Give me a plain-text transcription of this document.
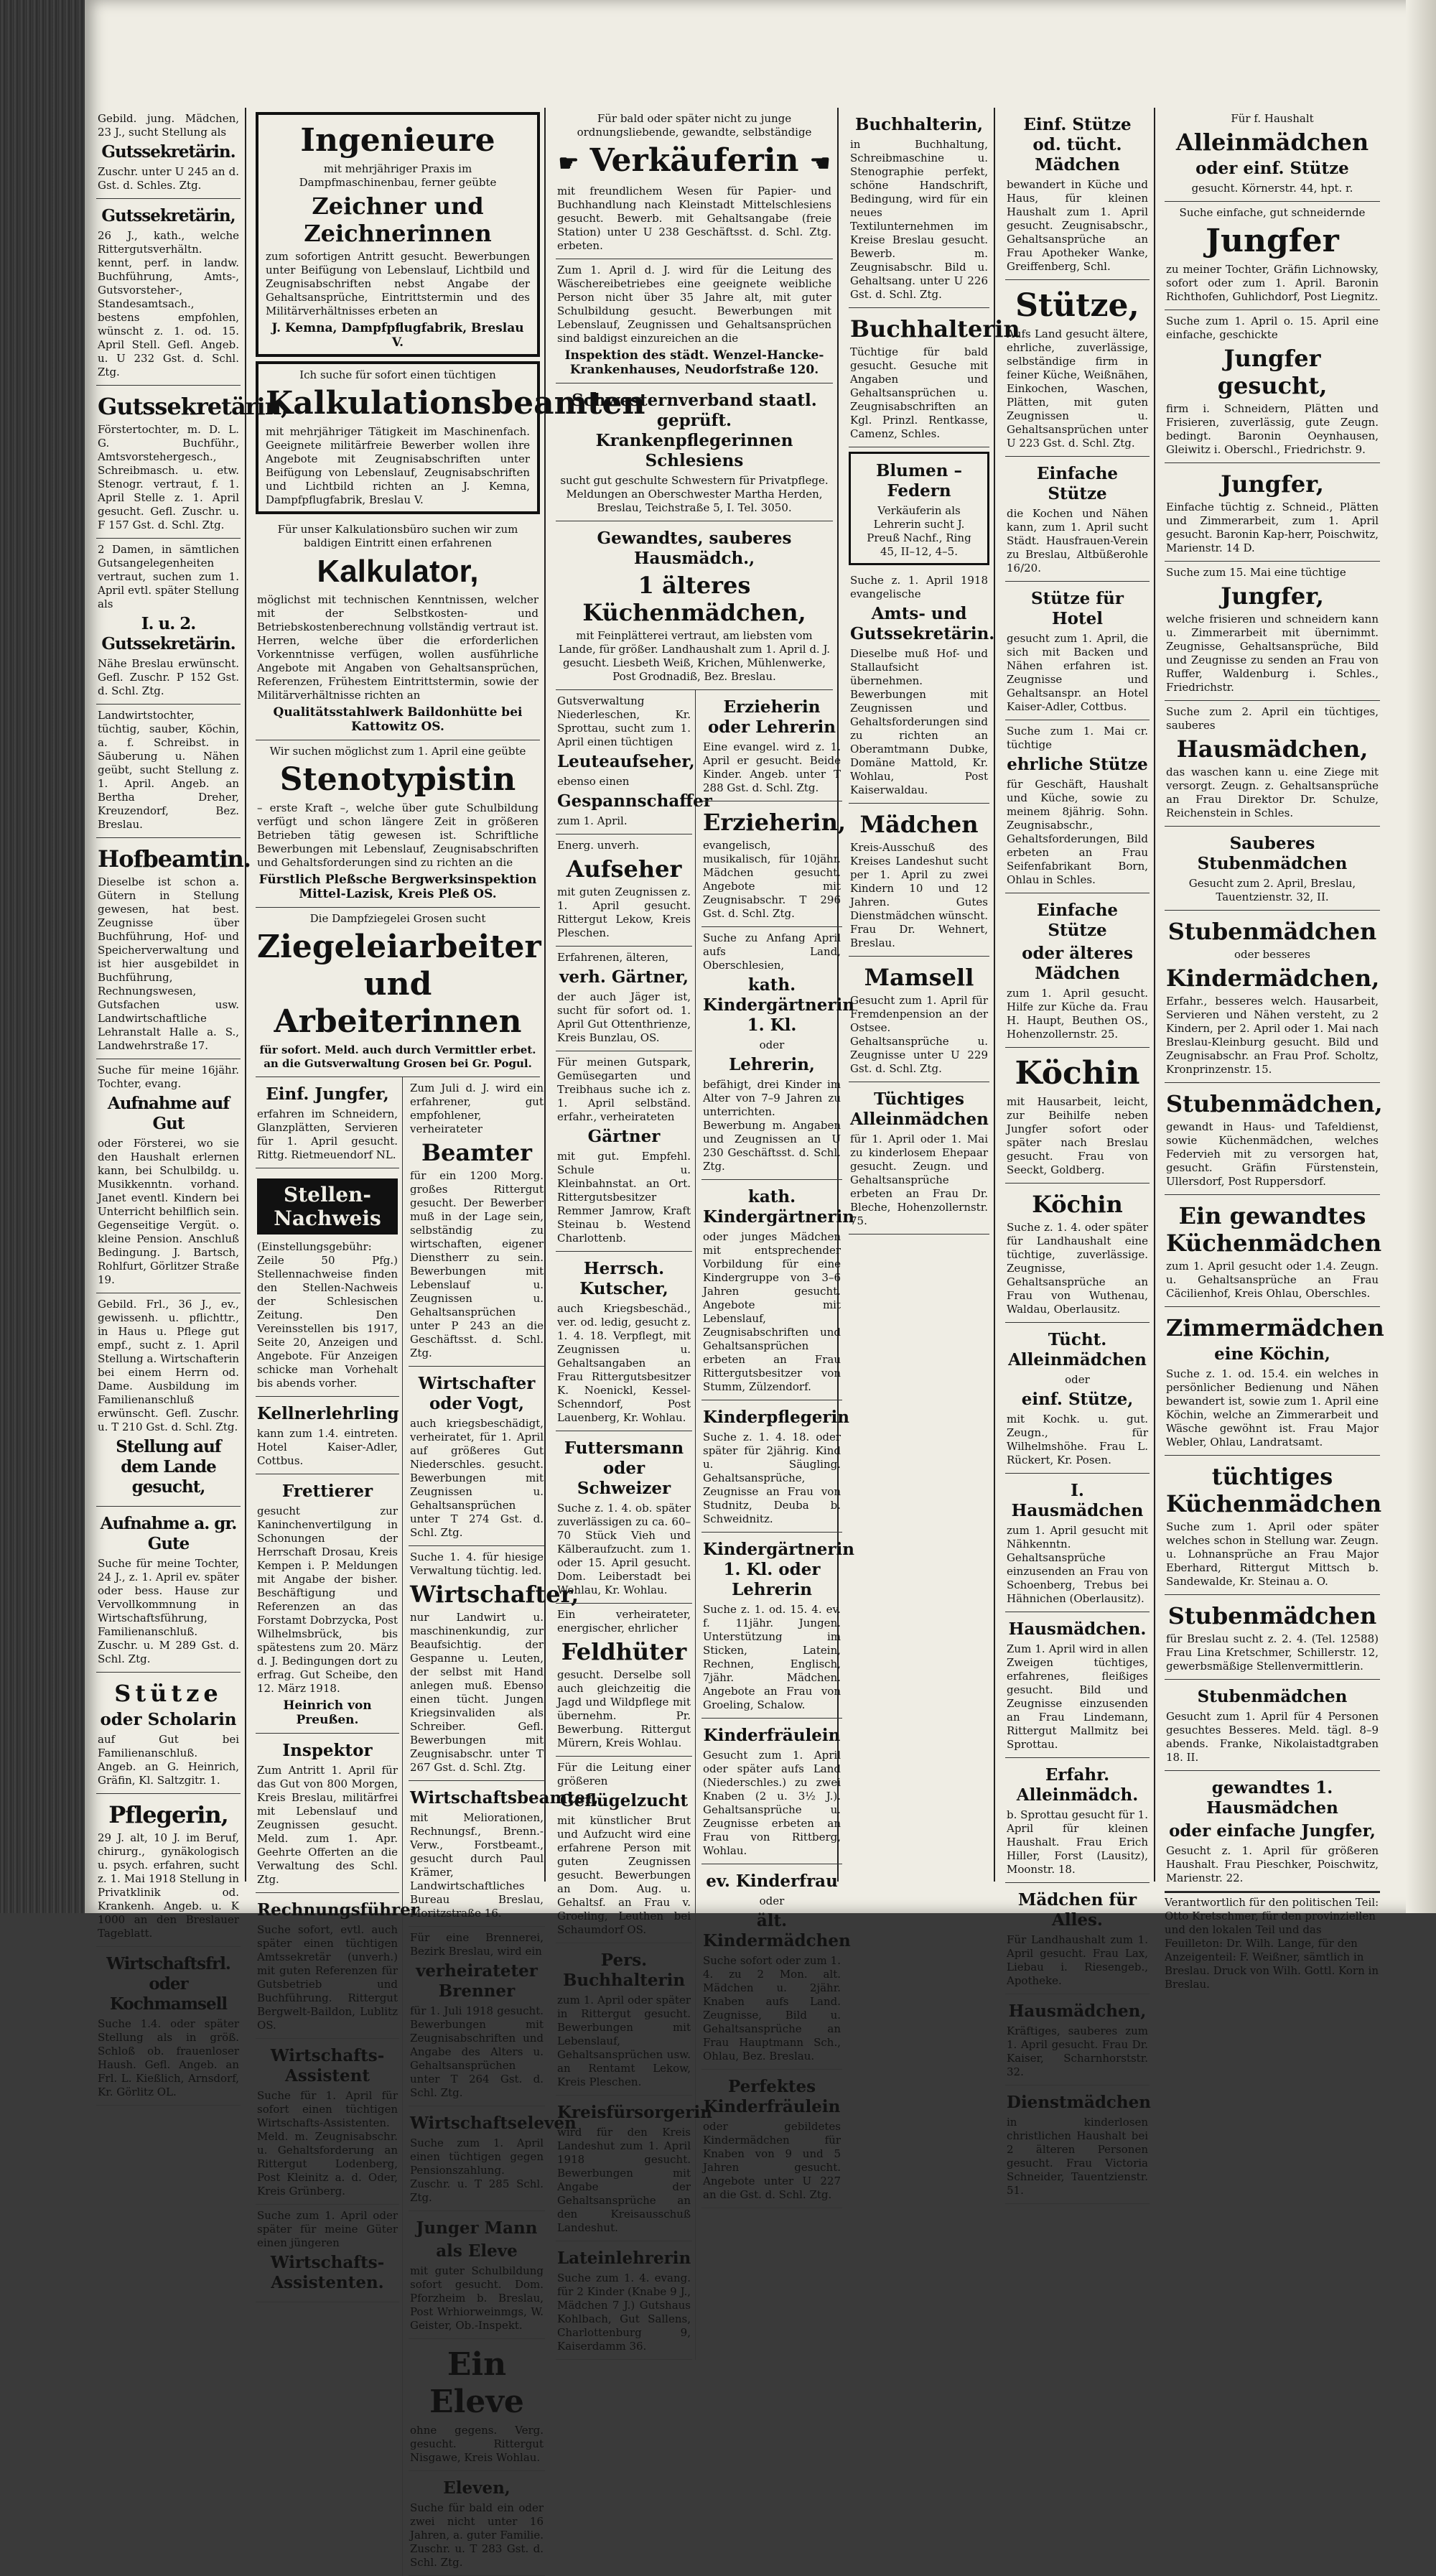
Gebild. jung. Mädchen, 23 J., sucht Stellung als
Gutssekretärin.
Zuschr. unter U 245 an d. Gst. d. Schles. Ztg.
Gutssekretärin,
26 J., kath., welche Rittergutsverhältn. kennt, perf. in landw. Buchführung, Amts-, Gutsvorsteher-, Standesamtsach., bestens empfohlen, wünscht z. 1. od. 15. April Stell. Gefl. Angeb. u. U 232 Gst. d. Schl. Ztg.
Gutssekretärin,
Förstertochter, m. D. L. G. Buchführ., Amtsvorstehergesch., Schreibmasch. u. etw. Stenogr. vertraut, f. 1. April Stelle z. 1. April gesucht. Gefl. Zuschr. u. F 157 Gst. d. Schl. Ztg.
2 Damen, in sämtlichen Gutsangelegenheiten vertraut, suchen zum 1. April evtl. später Stellung als
I. u. 2. Gutssekretärin.
Nähe Breslau erwünscht. Gefl. Zuschr. P 152 Gst. d. Schl. Ztg.
Landwirtstochter, tüchtig, sauber, Köchin, a. f. Schreibst. in Säuberung u. Nähen geübt, sucht Stellung z. 1. April. Angeb. an Bertha Dreher, Kreuzendorf, Bez. Breslau.
Hofbeamtin.
Dieselbe ist schon a. Gütern in Stellung gewesen, hat best. Zeugnisse über Buchführung, Hof- und Speicherverwaltung und ist hier ausgebildet in Buchführung, Rechnungswesen, Gutsfachen usw. Landwirtschaftliche Lehranstalt Halle a. S., Landwehrstraße 17.
Suche für meine 16jähr. Tochter, evang.
Aufnahme auf Gut
oder Försterei, wo sie den Haushalt erlernen kann, bei Schulbildg. u. Musikkenntn. vorhand. Janet eventl. Kindern bei Unterricht behilflich sein. Gegenseitige Vergüt. o. kleine Pension. Anschluß Bedingung. J. Bartsch, Rohlfurt, Görlitzer Straße 19.
Gebild. Frl., 36 J., ev., gewissenh. u. pflichttr., in Haus u. Pflege gut empf., sucht z. 1. April Stellung a. Wirtschafterin bei einem Herrn od. Dame. Ausbildung im Familienanschluß erwünscht. Gefl. Zuschr. u. T 210 Gst. d. Schl. Ztg.
Stellung auf dem Lande gesucht,
Aufnahme a. gr. Gute
Suche für meine Tochter, 24 J., z. 1. April ev. später oder bess. Hause zur Vervollkommnung in Wirtschaftsführung, Familienanschluß. Zuschr. u. M 289 Gst. d. Schl. Ztg.
Stütze
oder Scholarin
auf Gut bei Familienanschluß. Angeb. an G. Heinrich, Gräfin, Kl. Saltzgitr. 1.
Pflegerin,
29 J. alt, 10 J. im Beruf, chirurg., gynäkologisch u. psych. erfahren, sucht z. 1. Mai 1918 Stellung in Privatklinik od. Krankenh. Angeb. u. K 1000 an den Breslauer Tageblatt.
Wirtschaftsfrl. oder Kochmamsell
Suche 1.4. oder später Stellung als in größ. Schloß ob. frauenloser Haush. Gefl. Angeb. an Frl. L. Kießlich, Arnsdorf, Kr. Görlitz OL.
Ingenieure
mit mehrjähriger Praxis im Dampfmaschinenbau, ferner geübte
Zeichner und Zeichnerinnen
zum sofortigen Antritt gesucht. Bewerbungen unter Beifügung von Lebenslauf, Lichtbild und Zeugnisabschriften nebst Angabe der Gehaltsansprüche, Eintrittstermin und des Militärverhältnisses erbeten an
J. Kemna, Dampfpflugfabrik, Breslau V.
Ich suche für sofort einen tüchtigen
Kalkulationsbeamten
mit mehrjähriger Tätigkeit im Maschinenfach. Geeignete militärfreie Bewerber wollen ihre Angebote mit Zeugnisabschriften unter Beifügung von Lebenslauf, Zeugnisabschriften und Lichtbild richten an J. Kemna, Dampfpflugfabrik, Breslau V.
Für unser Kalkulationsbüro suchen wir zum baldigen Eintritt einen erfahrenen
Kalkulator,
möglichst mit technischen Kenntnissen, welcher mit der Selbstkosten- und Betriebskostenberechnung vollständig vertraut ist. Herren, welche über die erforderlichen Vorkenntnisse verfügen, wollen ausführliche Angebote mit Angaben von Gehaltsansprüchen, Referenzen, Frühestem Eintrittstermin, sowie der Militärverhältnisse richten an
Qualitätsstahlwerk Baildonhütte bei Kattowitz OS.
Wir suchen möglichst zum 1. April eine geübte
Stenotypistin
– erste Kraft –, welche über gute Schulbildung verfügt und schon längere Zeit in größeren Betrieben tätig gewesen ist. Schriftliche Bewerbungen mit Lebenslauf, Zeugnisabschriften und Gehaltsforderungen sind zu richten an die
Fürstlich Pleßsche Bergwerksinspektion Mittel-Lazisk, Kreis Pleß OS.
Die Dampfziegelei Grosen sucht
Ziegeleiarbeiter und Arbeiterinnen
für sofort. Meld. auch durch Vermittler erbet. an die Gutsverwaltung Grosen bei Gr. Pogul.
Einf. Jungfer,
erfahren im Schneidern, Glanzplätten, Servieren für 1. April gesucht. Rittg. Rietmeuendorf NL.
Stellen-Nachweis
(Einstellungsgebühr: Zeile 50 Pfg.) Stellennachweise finden den Stellen-Nachweis der Schlesischen Zeitung. Den Vereinsstellen bis 1917, Seite 20, Anzeigen und Angebote. Für Anzeigen schicke man Vorhehalt bis abends vorher.
Kellnerlehrling
kann zum 1.4. eintreten. Hotel Kaiser-Adler, Cottbus.
Frettierer
gesucht zur Kaninchenvertilgung in Schonungen der Herrschaft Drosau, Kreis Kempen i. P. Meldungen mit Angabe der bisher. Beschäftigung und Referenzen an das Forstamt Dobrzycka, Post Wilhelmsbrück, bis spätestens zum 20. März d. J. Bedingungen dort zu erfrag. Gut Scheibe, den 12. März 1918.
Heinrich von Preußen.
Inspektor
Zum Antritt 1. April für das Gut von 800 Morgen, Kreis Breslau, militärfrei mit Lebenslauf und Zeugnissen gesucht. Meld. zum 1. Apr. Geehrte Offerten an die Verwaltung des Schl. Ztg.
Rechnungsführer
Suche sofort, evtl. auch später einen tüchtigen Amtssekretär (unverh.) mit guten Referenzen für Gutsbetrieb und Buchführung. Rittergut Bergwelt-Baildon, Lublitz OS.
Wirtschafts-Assistent
Suche für 1. April für sofort einen tüchtigen Wirtschafts-Assistenten. Meld. m. Zeugnisabschr. u. Gehaltsforderung an Rittergut Lodenberg, Post Kleinitz a. d. Oder, Kreis Grünberg.
Suche zum 1. April oder später für meine Güter einen jüngeren
Wirtschafts-Assistenten.
Zum Juli d. J. wird ein erfahrener, gut empfohlener, verheirateter
Beamter
für ein 1200 Morg. großes Rittergut gesucht. Der Bewerber muß in der Lage sein, selbständig zu wirtschaften, eigener Dienstherr zu sein. Bewerbungen mit Lebenslauf u. Zeugnissen u. Gehaltsansprüchen unter P 243 an die Geschäftsst. d. Schl. Ztg.
Wirtschafter oder Vogt,
auch kriegsbeschädigt, verheiratet, für 1. April auf größeres Gut Niederschles. gesucht. Bewerbungen mit Zeugnissen u. Gehaltsansprüchen unter T 274 Gst. d. Schl. Ztg.
Suche 1. 4. für hiesige Verwaltung tüchtig. led.
Wirtschafter,
nur Landwirt u. maschinenkundig, zur Beaufsichtig. der Gespanne u. Leuten, der selbst mit Hand anlegen muß. Ebenso einen tücht. Jungen Kriegsinvaliden als Schreiber. Gefl. Bewerbungen mit Zeugnisabschr. unter T 267 Gst. d. Schl. Ztg.
Wirtschaftsbeamter,
mit Meliorationen, Rechnungsf., Brenn.-Verw., Forstbeamt., gesucht durch Paul Krämer, Landwirtschaftliches Bureau Breslau, Moritzstraße 16.
Für eine Brennerei, Bezirk Breslau, wird ein
verheirateter Brenner
für 1. Juli 1918 gesucht. Bewerbungen mit Zeugnisabschriften und Angabe des Alters u. Gehaltsansprüchen unter T 264 Gst. d. Schl. Ztg.
Wirtschaftseleven
Suche zum 1. April einen tüchtigen gegen Pensionszahlung. Zuschr. u. T 285 Schl. Ztg.
Junger Mann
als Eleve
mit guter Schulbildung sofort gesucht. Dom. Pforzheim b. Breslau, Post Wrhiorweinmgs, W. Geister, Ob.-Inspekt.
Ein Eleve
ohne gegens. Verg. gesucht. Rittergut Nisgawe, Kreis Wohlau.
Eleven,
Suche für bald ein oder zwei nicht unter 16 Jahren, a. guter Familie. Zuschr. u. T 283 Gst. d. Schl. Ztg.
Für bald oder später nicht zu junge ordnungsliebende, gewandte, selbständige
☛ Verkäuferin ☚
mit freundlichem Wesen für Papier- und Buchhandlung nach Kleinstadt Mittelschlesiens gesucht. Bewerb. mit Gehaltsangabe (freie Station) unter U 238 Geschäftsst. d. Schl. Ztg. erbeten.
Zum 1. April d. J. wird für die Leitung des Wäschereibetriebes eine geeignete weibliche Person nicht über 35 Jahre alt, mit guter Schulbildung gesucht. Bewerbungen mit Lebenslauf, Zeugnissen und Gehaltsansprüchen sind baldigst einzureichen an die
Inspektion des städt. Wenzel-Hancke-Krankenhauses, Neudorfstraße 120.
Schwesternverband staatl. geprüft. Krankenpflegerinnen Schlesiens
sucht gut geschulte Schwestern für Privatpflege. Meldungen an Oberschwester Martha Herden, Breslau, Teichstraße 5, I. Tel. 3050.
Gewandtes, sauberes Hausmädch.,
1 älteres Küchenmädchen,
mit Feinplätterei vertraut, am liebsten vom Lande, für größer. Landhaushalt zum 1. April d. J. gesucht. Liesbeth Weiß, Krichen, Mühlenwerke, Post Grodnadiß, Bez. Breslau.
Gutsverwaltung Niederleschen, Kr. Sprottau, sucht zum 1. April einen tüchtigen
Leuteaufseher,
ebenso einen
Gespannschaffer
zum 1. April.
Energ. unverh.
Aufseher
mit guten Zeugnissen z. 1. April gesucht. Rittergut Lekow, Kreis Pleschen.
Erfahrenen, älteren,
verh. Gärtner,
der auch Jäger ist, sucht für sofort od. 1. April Gut Ottenthrienze, Kreis Bunzlau, OS.
Für meinen Gutspark, Gemüsegarten und Treibhaus suche ich z. 1. April selbständ. erfahr., verheirateten
Gärtner
mit gut. Empfehl. Schule u. Kleinbahnstat. an Ort. Rittergutsbesitzer Remmer Jamrow, Kraft Steinau b. Westend Charlottenb.
Herrsch. Kutscher,
auch Kriegsbeschäd., ver. od. ledig, gesucht z. 1. 4. 18. Verpflegt, mit Zeugnissen u. Gehaltsangaben an Frau Rittergutsbesitzer K. Noenickl, Kessel-Schenndorf, Post Lauenberg, Kr. Wohlau.
Futtersmann oder Schweizer
Suche z. 1. 4. ob. später zuverlässigen zu ca. 60–70 Stück Vieh und Kälberaufzucht. zum 1. oder 15. April gesucht. Dom. Leiberstadt bei Wohlau, Kr. Wohlau.
Ein verheirateter, energischer, ehrlicher
Feldhüter
gesucht. Derselbe soll auch gleichzeitig die Jagd und Wildpflege mit übernehm. Pr. Bewerbung. Rittergut Mürern, Kreis Wohlau.
Für die Leitung einer größeren
Geflügelzucht
mit künstlicher Brut und Aufzucht wird eine erfahrene Person mit guten Zeugnissen gesucht. Bewerbungen an Dom. Aug. u. Gehaltsf. an Frau v. Groeling, Leuthen bei Schaumdorf OS.
Pers. Buchhalterin
zum 1. April oder später in Rittergut gesucht. Bewerbungen mit Lebenslauf, Gehaltsansprüchen usw. an Rentamt Lekow, Kreis Pleschen.
Kreisfürsorgerin
wird für den Kreis Landeshut zum 1. April 1918 gesucht. Bewerbungen mit Angabe der Gehaltsansprüche an den Kreisausschuß Landeshut.
Lateinlehrerin
Suche zum 1. 4. evang. für 2 Kinder (Knabe 9 J., Mädchen 7 J.) Gutshaus Kohlbach, Gut Sallens, Charlottenburg 9, Kaiserdamm 36.
Erzieherin oder Lehrerin
Eine evangel. wird z. 1. April er gesucht. Beide Kinder. Angeb. unter T 288 Gst. d. Schl. Ztg.
Erzieherin,
evangelisch, musikalisch, für 10jähr. Mädchen gesucht. Angebote mit Zeugnisabschr. T 296 Gst. d. Schl. Ztg.
Suche zu Anfang April aufs Land, Oberschlesien,
kath. Kindergärtnerin 1. Kl.
oder
Lehrerin,
befähigt, drei Kinder im Alter von 7–9 Jahren zu unterrichten. Bewerbung m. Angaben und Zeugnissen an U 230 Geschäftsst. d. Schl. Ztg.
kath. Kindergärtnerin
oder junges Mädchen mit entsprechender Vorbildung für eine Kindergruppe von 3–6 Jahren gesucht. Angebote mit Lebenslauf, Zeugnisabschriften und Gehaltsansprüchen erbeten an Frau Rittergutsbesitzer von Stumm, Zülzendorf.
Kinderpflegerin
Suche z. 1. 4. 18. oder später für 2jährig. Kind u. Säugling. Gehaltsansprüche, Zeugnisse an Frau von Studnitz, Deuba b. Schweidnitz.
Kindergärtnerin 1. Kl. oder Lehrerin
Suche z. 1. od. 15. 4. ev. f. 11jähr. Jungen. Unterstützung im Sticken, Latein, Rechnen, Englisch, 7jähr. Mädchen. Angebote an Frau von Groeling, Schalow.
Kinderfräulein
Gesucht zum 1. April oder später aufs Land (Niederschles.) zu zwei Knaben (2 u. 3½ J.). Gehaltsansprüche u. Zeugnisse erbeten an Frau von Rittberg, Wohlau.
ev. Kinderfrau
oder
ält. Kindermädchen
Suche sofort oder zum 1. 4. zu 2 Mon. alt. Mädchen u. 2jähr. Knaben aufs Land. Zeugnisse, Bild u. Gehaltsansprüche an Frau Hauptmann Sch., Ohlau, Bez. Breslau.
Perfektes Kinderfräulein
oder gebildetes Kindermädchen für Knaben von 9 und 5 Jahren gesucht. Angebote unter U 227 an die Gst. d. Schl. Ztg.
Buchhalterin,
in Buchhaltung, Schreibmaschine u. Stenographie perfekt, schöne Handschrift, Bedingung, wird für ein neues Textilunternehmen im Kreise Breslau gesucht. Bewerb. m. Zeugnisabschr. Bild u. Gehaltsang. unter U 226 Gst. d. Schl. Ztg.
Buchhalterin
Tüchtige für bald gesucht. Gesuche mit Angaben und Gehaltsansprüchen u. Zeugnisabschriften an Kgl. Prinzl. Rentkasse, Camenz, Schles.
Blumen – Federn
Verkäuferin als Lehrerin sucht J. Preuß Nachf., Ring 45, II–12, 4–5.
Suche z. 1. April 1918 evangelische
Amts- und Gutssekretärin.
Dieselbe muß Hof- und Stallaufsicht übernehmen. Bewerbungen mit Zeugnissen und Gehaltsforderungen sind zu richten an Oberamtmann Dubke, Domäne Mattold, Kr. Wohlau, Post Kaiserwaldau.
Mädchen
Kreis-Ausschuß des Kreises Landeshut sucht per 1. April zu zwei Kindern 10 und 12 Jahren. Gutes Dienstmädchen wünscht. Frau Dr. Wehnert, Breslau.
Mamsell
Gesucht zum 1. April für Fremdenpension an der Ostsee. Gehaltsansprüche u. Zeugnisse unter U 229 Gst. d. Schl. Ztg.
Tüchtiges Alleinmädchen
für 1. April oder 1. Mai zu kinderlosem Ehepaar gesucht. Zeugn. und Gehaltsansprüche erbeten an Frau Dr. Bleche, Hohenzollernstr. 75.
Einf. Stütze od. tücht. Mädchen
bewandert in Küche und Haus, für kleinen Haushalt zum 1. April gesucht. Zeugnisabschr., Gehaltsansprüche an Frau Apotheker Wanke, Greiffenberg, Schl.
Stütze,
Aufs Land gesucht ältere, ehrliche, zuverlässige, selbständige firm in feiner Küche, Weißnähen, Einkochen, Waschen, Plätten, mit guten Zeugnissen u. Gehaltsansprüchen unter U 223 Gst. d. Schl. Ztg.
Einfache Stütze
die Kochen und Nähen kann, zum 1. April sucht Städt. Hausfrauen-Verein zu Breslau, Altbüßerohle 16/20.
Stütze für Hotel
gesucht zum 1. April, die sich mit Backen und Nähen erfahren ist. Zeugnisse und Gehaltsanspr. an Hotel Kaiser-Adler, Cottbus.
Suche zum 1. Mai cr. tüchtige
ehrliche Stütze
für Geschäft, Haushalt und Küche, sowie zu meinem 8jährig. Sohn. Zeugnisabschr., Gehaltsforderungen, Bild erbeten an Frau Seifenfabrikant Born, Ohlau in Schles.
Einfache Stütze
oder älteres Mädchen
zum 1. April gesucht. Hilfe zur Küche da. Frau H. Haupt, Beuthen OS., Hohenzollernstr. 25.
Köchin
mit Hausarbeit, leicht, zur Beihilfe neben Jungfer sofort oder später nach Breslau gesucht. Frau von Seeckt, Goldberg.
Köchin
Suche z. 1. 4. oder später für Landhaushalt eine tüchtige, zuverlässige. Zeugnisse, Gehaltsansprüche an Frau von Wuthenau, Waldau, Oberlausitz.
Tücht. Alleinmädchen
oder
einf. Stütze,
mit Kochk. u. gut. Zeugn., für Wilhelmshöhe. Frau L. Rückert, Kr. Posen.
I. Hausmädchen
zum 1. April gesucht mit Nähkenntn. Gehaltsansprüche einzusenden an Frau von Schoenberg, Trebus bei Hähnichen (Oberlausitz).
Hausmädchen.
Zum 1. April wird in allen Zweigen tüchtiges, erfahrenes, fleißiges gesucht. Bild und Zeugnisse einzusenden an Frau Lindemann, Rittergut Mallmitz bei Sprottau.
Erfahr. Alleinmädch.
b. Sprottau gesucht für 1. April für kleinen Haushalt. Frau Erich Hiller, Forst (Lausitz), Moonstr. 18.
Mädchen für Alles.
Für Landhaushalt zum 1. April gesucht. Frau Lax, Liebau i. Riesengeb., Apotheke.
Hausmädchen,
Kräftiges, sauberes zum 1. April gesucht. Frau Dr. Kaiser, Scharnhorststr. 32.
Dienstmädchen
in kinderlosen christlichen Haushalt bei 2 älteren Personen gesucht. Frau Victoria Schneider, Tauentzienstr. 51.
Für f. Haushalt
Alleinmädchen
oder einf. Stütze
gesucht. Körnerstr. 44, hpt. r.
Suche einfache, gut schneidernde
Jungfer
zu meiner Tochter, Gräfin Lichnowsky, sofort oder zum 1. April. Baronin Richthofen, Guhlichdorf, Post Liegnitz.
Suche zum 1. April o. 15. April eine einfache, geschickte
Jungfer gesucht,
firm i. Schneidern, Plätten und Frisieren, zuverlässig, gute Zeugn. bedingt. Baronin Oeynhausen, Gleiwitz i. Oberschl., Friedrichstr. 9.
Jungfer,
Einfache tüchtig z. Schneid., Plätten und Zimmerarbeit, zum 1. April gesucht. Baronin Kap-herr, Poischwitz, Marienstr. 14 D.
Suche zum 15. Mai eine tüchtige
Jungfer,
welche frisieren und schneidern kann u. Zimmerarbeit mit übernimmt. Zeugnisse, Gehaltsansprüche, Bild und Zeugnisse zu senden an Frau von Ruffer, Waldenburg i. Schles., Friedrichstr.
Suche zum 2. April ein tüchtiges, sauberes
Hausmädchen,
das waschen kann u. eine Ziege mit versorgt. Zeugn. z. Gehaltsansprüche an Frau Direktor Dr. Schulze, Reichenstein in Schles.
Sauberes Stubenmädchen
Gesucht zum 2. April, Breslau, Tauentzienstr. 32, II.
Stubenmädchen
oder besseres
Kindermädchen,
Erfahr., besseres welch. Hausarbeit, Servieren und Nähen versteht, zu 2 Kindern, per 2. April oder 1. Mai nach Breslau-Kleinburg gesucht. Bild und Zeugnisabschr. an Frau Prof. Scholtz, Kronprinzenstr. 15.
Stubenmädchen,
gewandt in Haus- und Tafeldienst, sowie Küchenmädchen, welches Federvieh mit zu versorgen hat, gesucht. Gräfin Fürstenstein, Ullersdorf, Post Ruppersdorf.
Ein gewandtes Küchenmädchen
zum 1. April gesucht oder 1.4. Zeugn. u. Gehaltsansprüche an Frau Cäcilienhof, Kreis Ohlau, Oberschles.
Zimmermädchen
eine Köchin,
Suche z. 1. od. 15.4. ein welches in persönlicher Bedienung und Nähen bewandert ist, sowie zum 1. April eine Köchin, welche an Zimmerarbeit und Wäsche gewöhnt ist. Frau Major Webler, Ohlau, Landratsamt.
tüchtiges Küchenmädchen
Suche zum 1. April oder später welches schon in Stellung war. Zeugn. u. Lohnansprüche an Frau Major Eberhard, Rittergut Mittsch b. Sandewalde, Kr. Steinau a. O.
Stubenmädchen
für Breslau sucht z. 2. 4. (Tel. 12588) Frau Lina Kretschmer, Schillerstr. 12, gewerbsmäßige Stellenvermittlerin.
Stubenmädchen
Gesucht zum 1. April für 4 Personen gesuchtes Besseres. Meld. tägl. 8–9 abends. Franke, Nikolaistadtgraben 18. II.
gewandtes 1. Hausmädchen
oder einfache Jungfer,
Gesucht z. 1. April für größeren Haushalt. Frau Pieschker, Poischwitz, Marienstr. 22.
Verantwortlich für den politischen Teil: Otto Kretschmer, für den provinziellen und den lokalen Teil und das Feuilleton: Dr. Wilh. Lange, für den Anzeigenteil: F. Weißner, sämtlich in Breslau. Druck von Wilh. Gottl. Korn in Breslau.
